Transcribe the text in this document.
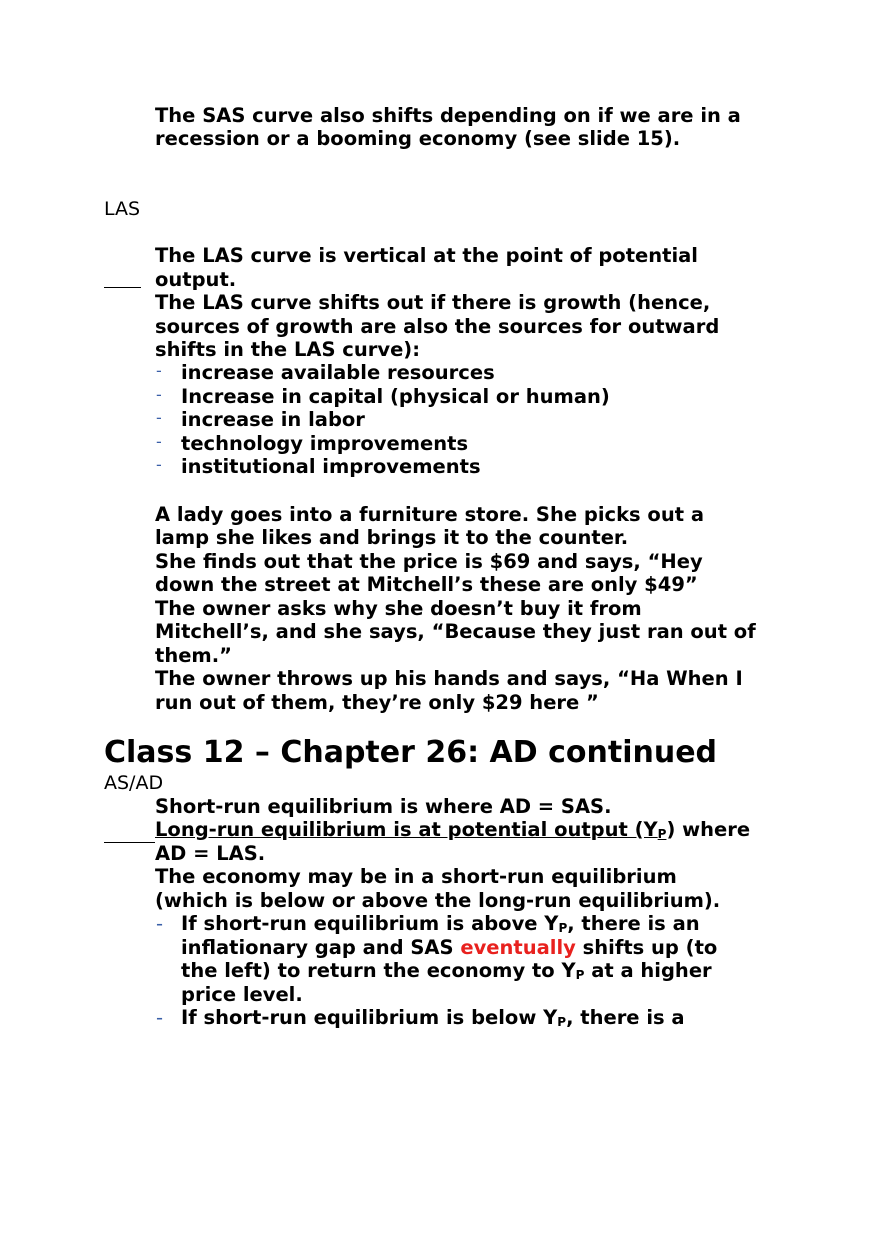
The SAS curve also shifts depending on if we are in a
recession or a booming economy (see slide 15).
LAS
The LAS curve is vertical at the point of potential
output.
The LAS curve shifts out if there is growth (hence,
sources of growth are also the sources for outward
shifts in the LAS curve):
- increase available resources
- Increase in capital (physical or human)
- increase in labor
- technology improvements
- institutional improvements
A lady goes into a furniture store. She picks out a
lamp she likes and brings it to the counter.
She finds out that the price is $69 and says, “Hey
down the street at Mitchell’s these are only $49”
The owner asks why she doesn’t buy it from
Mitchell’s, and she says, “Because they just ran out of
them.”
The owner throws up his hands and says, “Ha When I
run out of them, they’re only $29 here ”
Class 12 – Chapter 26: AD continued
AS/AD
Short-run equilibrium is where AD = SAS.
Long-run equilibrium is at potential output (YP) where
AD = LAS.
The economy may be in a short-run equilibrium
(which is below or above the long-run equilibrium).
- If short-run equilibrium is above YP, there is an
inflationary gap and SAS eventually shifts up (to
the left) to return the economy to YP at a higher
price level.
- If short-run equilibrium is below YP, there is a
